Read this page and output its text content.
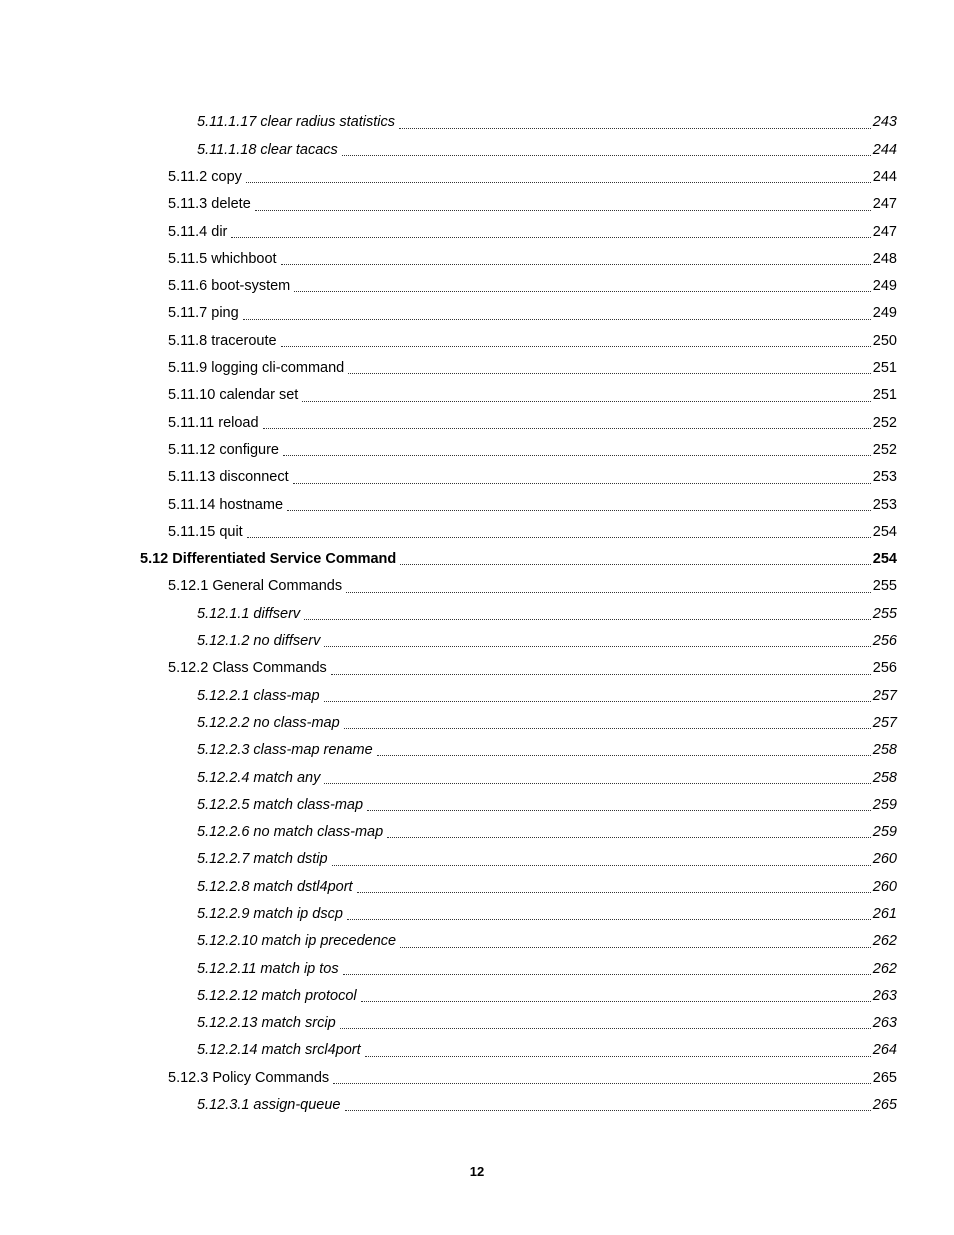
5.11.1.17 clear radius statistics	243
5.11.1.18 clear tacacs	244
5.11.2 copy	244
5.11.3 delete	247
5.11.4 dir	247
5.11.5 whichboot	248
5.11.6 boot-system	249
5.11.7 ping	249
5.11.8 traceroute	250
5.11.9 logging cli-command	251
5.11.10 calendar set	251
5.11.11 reload	252
5.11.12 configure	252
5.11.13 disconnect	253
5.11.14 hostname	253
5.11.15 quit	254
5.12 Differentiated Service Command	254
5.12.1 General Commands	255
5.12.1.1 diffserv	255
5.12.1.2 no diffserv	256
5.12.2 Class Commands	256
5.12.2.1 class-map	257
5.12.2.2 no class-map	257
5.12.2.3 class-map rename	258
5.12.2.4 match any	258
5.12.2.5 match class-map	259
5.12.2.6 no match class-map	259
5.12.2.7 match dstip	260
5.12.2.8 match dstl4port	260
5.12.2.9 match ip dscp	261
5.12.2.10 match ip precedence	262
5.12.2.11 match ip tos	262
5.12.2.12 match protocol	263
5.12.2.13 match srcip	263
5.12.2.14 match srcl4port	264
5.12.3 Policy Commands	265
5.12.3.1 assign-queue	265
12
